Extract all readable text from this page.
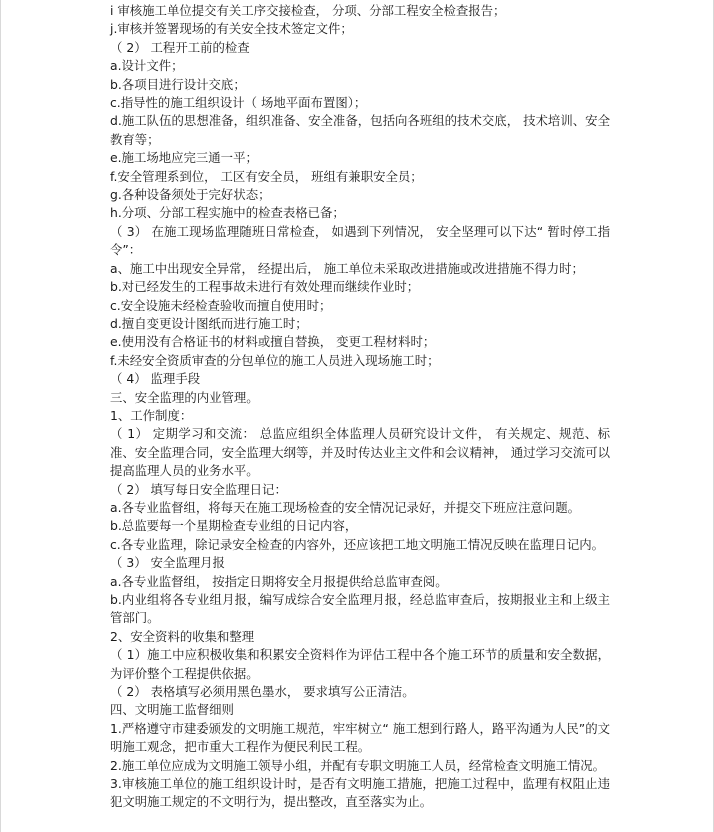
i 审核施工单位提交有关工序交接检查， 分项、分部工程安全检查报告；

j.审核并签署现场的有关安全技术签定文件；

（ 2） 工程开工前的检查

a.设计文件；

b.各项目进行设计交底；

c.指导性的施工组织设计（ 场地平面布置图）；

d.施工队伍的思想准备，组织准备、安全准备，包括向各班组的技术交底， 技术培训、安全教育等；

e.施工场地应完三通一平；

f.安全管理系到位， 工区有安全员， 班组有兼职安全员；

g.各种设备须处于完好状态；

h.分项、分部工程实施中的检查表格已备；

（ 3） 在施工现场监理随班日常检查， 如遇到下列情况， 安全坚理可以下达“ 暂时停工指令”：

a、施工中出现安全异常， 经提出后， 施工单位未采取改进措施或改进措施不得力时；

b.对已经发生的工程事故未进行有效处理而继续作业时；

c.安全设施未经检查验收而擅自使用时；

d.擅自变更设计图纸而进行施工时；

e.使用没有合格证书的材料或擅自替换， 变更工程材料时；

f.未经安全资质审查的分包单位的施工人员进入现场施工时；

（ 4） 监理手段

三、安全监理的内业管理。

1、工作制度：

（ 1） 定期学习和交流： 总监应组织全体监理人员研究设计文件， 有关规定、规范、标准、安全监理合同，安全监理大纲等，并及时传达业主文件和会议精神， 通过学习交流可以提高监理人员的业务水平。

（ 2） 填写每日安全监理日记：

a.各专业监督组，将每天在施工现场检查的安全情况记录好，并提交下班应注意问题。

b.总监要每一个星期检查专业组的日记内容，

c.各专业监理，除记录安全检查的内容外，还应该把工地文明施工情况反映在监理日记内。

（ 3） 安全监理月报

a.各专业监督组， 按指定日期将安全月报提供给总监审查阅。

b.内业组将各专业组月报，编写成综合安全监理月报，经总监审查后，按期报业主和上级主管部门。

2、安全资料的收集和整理

（ 1）施工中应积极收集和积累安全资料作为评估工程中各个施工环节的质量和安全数据，为评价整个工程提供依据。

（ 2） 表格填写必须用黑色墨水， 要求填写公正清洁。

四、文明施工监督细则

1.严格遵守市建委颁发的文明施工规范，牢牢树立“ 施工想到行路人，路平沟通为人民”的文明施工观念，把市重大工程作为便民利民工程。

2.施工单位应成为文明施工领导小组，并配有专职文明施工人员，经常检查文明施工情况。

3.审核施工单位的施工组织设计时，是否有文明施工措施，把施工过程中，监理有权阻止违犯文明施工规定的不文明行为，提出整改，直至落实为止。
